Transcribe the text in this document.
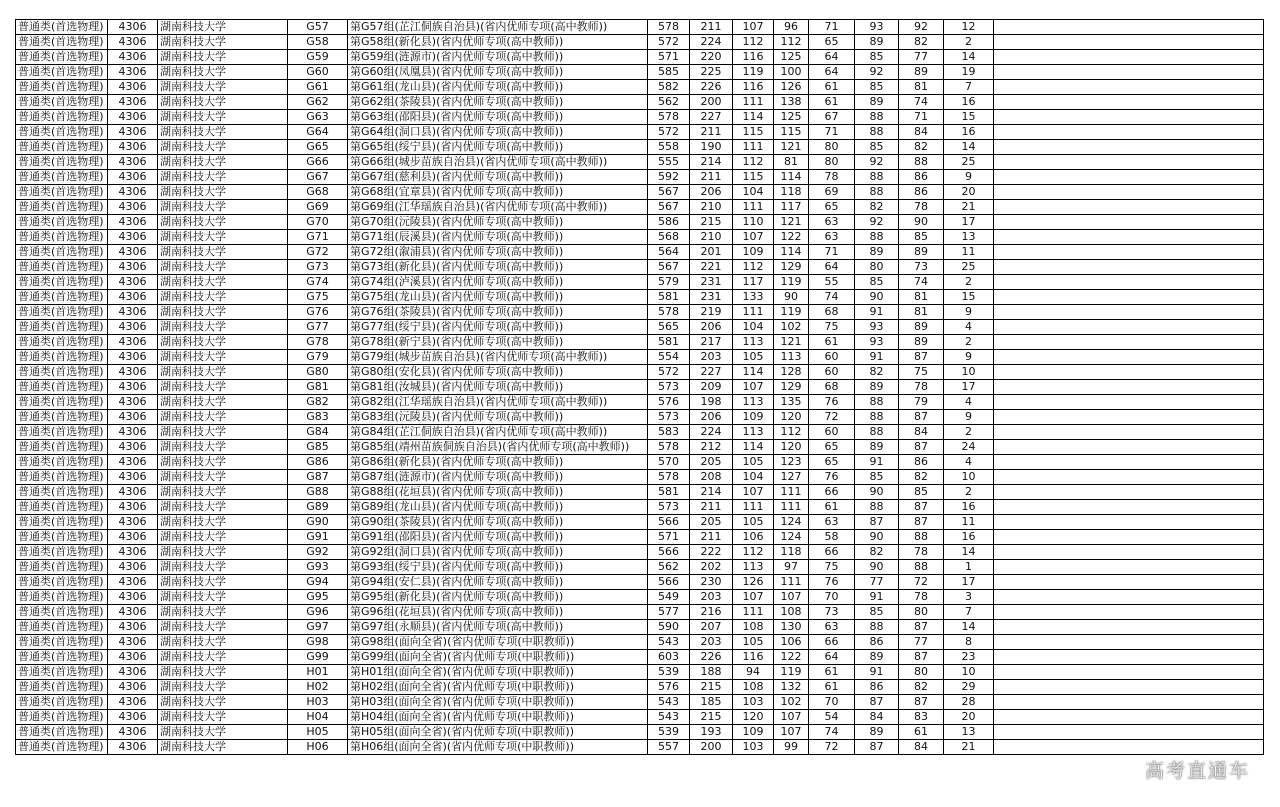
普通类(首选物理)	4306	湖南科技大学	G57	第G57组(芷江侗族自治县)(省内优师专项(高中教师))	578	211	107	96	71	93	92	12	
普通类(首选物理)	4306	湖南科技大学	G58	第G58组(新化县)(省内优师专项(高中教师))	572	224	112	112	65	89	82	2	
普通类(首选物理)	4306	湖南科技大学	G59	第G59组(涟源市)(省内优师专项(高中教师))	571	220	116	125	64	85	77	14	
普通类(首选物理)	4306	湖南科技大学	G60	第G60组(凤凰县)(省内优师专项(高中教师))	585	225	119	100	64	92	89	19	
普通类(首选物理)	4306	湖南科技大学	G61	第G61组(龙山县)(省内优师专项(高中教师))	582	226	116	126	61	85	81	7	
普通类(首选物理)	4306	湖南科技大学	G62	第G62组(茶陵县)(省内优师专项(高中教师))	562	200	111	138	61	89	74	16	
普通类(首选物理)	4306	湖南科技大学	G63	第G63组(邵阳县)(省内优师专项(高中教师))	578	227	114	125	67	88	71	15	
普通类(首选物理)	4306	湖南科技大学	G64	第G64组(洞口县)(省内优师专项(高中教师))	572	211	115	115	71	88	84	16	
普通类(首选物理)	4306	湖南科技大学	G65	第G65组(绥宁县)(省内优师专项(高中教师))	558	190	111	121	80	85	82	14	
普通类(首选物理)	4306	湖南科技大学	G66	第G66组(城步苗族自治县)(省内优师专项(高中教师))	555	214	112	81	80	92	88	25	
普通类(首选物理)	4306	湖南科技大学	G67	第G67组(慈利县)(省内优师专项(高中教师))	592	211	115	114	78	88	86	9	
普通类(首选物理)	4306	湖南科技大学	G68	第G68组(宜章县)(省内优师专项(高中教师))	567	206	104	118	69	88	86	20	
普通类(首选物理)	4306	湖南科技大学	G69	第G69组(江华瑶族自治县)(省内优师专项(高中教师))	567	210	111	117	65	82	78	21	
普通类(首选物理)	4306	湖南科技大学	G70	第G70组(沅陵县)(省内优师专项(高中教师))	586	215	110	121	63	92	90	17	
普通类(首选物理)	4306	湖南科技大学	G71	第G71组(辰溪县)(省内优师专项(高中教师))	568	210	107	122	63	88	85	13	
普通类(首选物理)	4306	湖南科技大学	G72	第G72组(溆浦县)(省内优师专项(高中教师))	564	201	109	114	71	89	89	11	
普通类(首选物理)	4306	湖南科技大学	G73	第G73组(新化县)(省内优师专项(高中教师))	567	221	112	129	64	80	73	25	
普通类(首选物理)	4306	湖南科技大学	G74	第G74组(泸溪县)(省内优师专项(高中教师))	579	231	117	119	55	85	74	2	
普通类(首选物理)	4306	湖南科技大学	G75	第G75组(龙山县)(省内优师专项(高中教师))	581	231	133	90	74	90	81	15	
普通类(首选物理)	4306	湖南科技大学	G76	第G76组(茶陵县)(省内优师专项(高中教师))	578	219	111	119	68	91	81	9	
普通类(首选物理)	4306	湖南科技大学	G77	第G77组(绥宁县)(省内优师专项(高中教师))	565	206	104	102	75	93	89	4	
普通类(首选物理)	4306	湖南科技大学	G78	第G78组(新宁县)(省内优师专项(高中教师))	581	217	113	121	61	93	89	2	
普通类(首选物理)	4306	湖南科技大学	G79	第G79组(城步苗族自治县)(省内优师专项(高中教师))	554	203	105	113	60	91	87	9	
普通类(首选物理)	4306	湖南科技大学	G80	第G80组(安化县)(省内优师专项(高中教师))	572	227	114	128	60	82	75	10	
普通类(首选物理)	4306	湖南科技大学	G81	第G81组(汝城县)(省内优师专项(高中教师))	573	209	107	129	68	89	78	17	
普通类(首选物理)	4306	湖南科技大学	G82	第G82组(江华瑶族自治县)(省内优师专项(高中教师))	576	198	113	135	76	88	79	4	
普通类(首选物理)	4306	湖南科技大学	G83	第G83组(沅陵县)(省内优师专项(高中教师))	573	206	109	120	72	88	87	9	
普通类(首选物理)	4306	湖南科技大学	G84	第G84组(芷江侗族自治县)(省内优师专项(高中教师))	583	224	113	112	60	88	84	2	
普通类(首选物理)	4306	湖南科技大学	G85	第G85组(靖州苗族侗族自治县)(省内优师专项(高中教师))	578	212	114	120	65	89	87	24	
普通类(首选物理)	4306	湖南科技大学	G86	第G86组(新化县)(省内优师专项(高中教师))	570	205	105	123	65	91	86	4	
普通类(首选物理)	4306	湖南科技大学	G87	第G87组(涟源市)(省内优师专项(高中教师))	578	208	104	127	76	85	82	10	
普通类(首选物理)	4306	湖南科技大学	G88	第G88组(花垣县)(省内优师专项(高中教师))	581	214	107	111	66	90	85	2	
普通类(首选物理)	4306	湖南科技大学	G89	第G89组(龙山县)(省内优师专项(高中教师))	573	211	111	111	61	88	87	16	
普通类(首选物理)	4306	湖南科技大学	G90	第G90组(茶陵县)(省内优师专项(高中教师))	566	205	105	124	63	87	87	11	
普通类(首选物理)	4306	湖南科技大学	G91	第G91组(邵阳县)(省内优师专项(高中教师))	571	211	106	124	58	90	88	16	
普通类(首选物理)	4306	湖南科技大学	G92	第G92组(洞口县)(省内优师专项(高中教师))	566	222	112	118	66	82	78	14	
普通类(首选物理)	4306	湖南科技大学	G93	第G93组(绥宁县)(省内优师专项(高中教师))	562	202	113	97	75	90	88	1	
普通类(首选物理)	4306	湖南科技大学	G94	第G94组(安仁县)(省内优师专项(高中教师))	566	230	126	111	76	77	72	17	
普通类(首选物理)	4306	湖南科技大学	G95	第G95组(新化县)(省内优师专项(高中教师))	549	203	107	107	70	91	78	3	
普通类(首选物理)	4306	湖南科技大学	G96	第G96组(花垣县)(省内优师专项(高中教师))	577	216	111	108	73	85	80	7	
普通类(首选物理)	4306	湖南科技大学	G97	第G97组(永顺县)(省内优师专项(高中教师))	590	207	108	130	63	88	87	14	
普通类(首选物理)	4306	湖南科技大学	G98	第G98组(面向全省)(省内优师专项(中职教师))	543	203	105	106	66	86	77	8	
普通类(首选物理)	4306	湖南科技大学	G99	第G99组(面向全省)(省内优师专项(中职教师))	603	226	116	122	64	89	87	23	
普通类(首选物理)	4306	湖南科技大学	H01	第H01组(面向全省)(省内优师专项(中职教师))	539	188	94	119	61	91	80	10	
普通类(首选物理)	4306	湖南科技大学	H02	第H02组(面向全省)(省内优师专项(中职教师))	576	215	108	132	61	86	82	29	
普通类(首选物理)	4306	湖南科技大学	H03	第H03组(面向全省)(省内优师专项(中职教师))	543	185	103	102	70	87	87	28	
普通类(首选物理)	4306	湖南科技大学	H04	第H04组(面向全省)(省内优师专项(中职教师))	543	215	120	107	54	84	83	20	
普通类(首选物理)	4306	湖南科技大学	H05	第H05组(面向全省)(省内优师专项(中职教师))	539	193	109	107	74	89	61	13	
普通类(首选物理)	4306	湖南科技大学	H06	第H06组(面向全省)(省内优师专项(中职教师))	557	200	103	99	72	87	84	21	
高考直通车
